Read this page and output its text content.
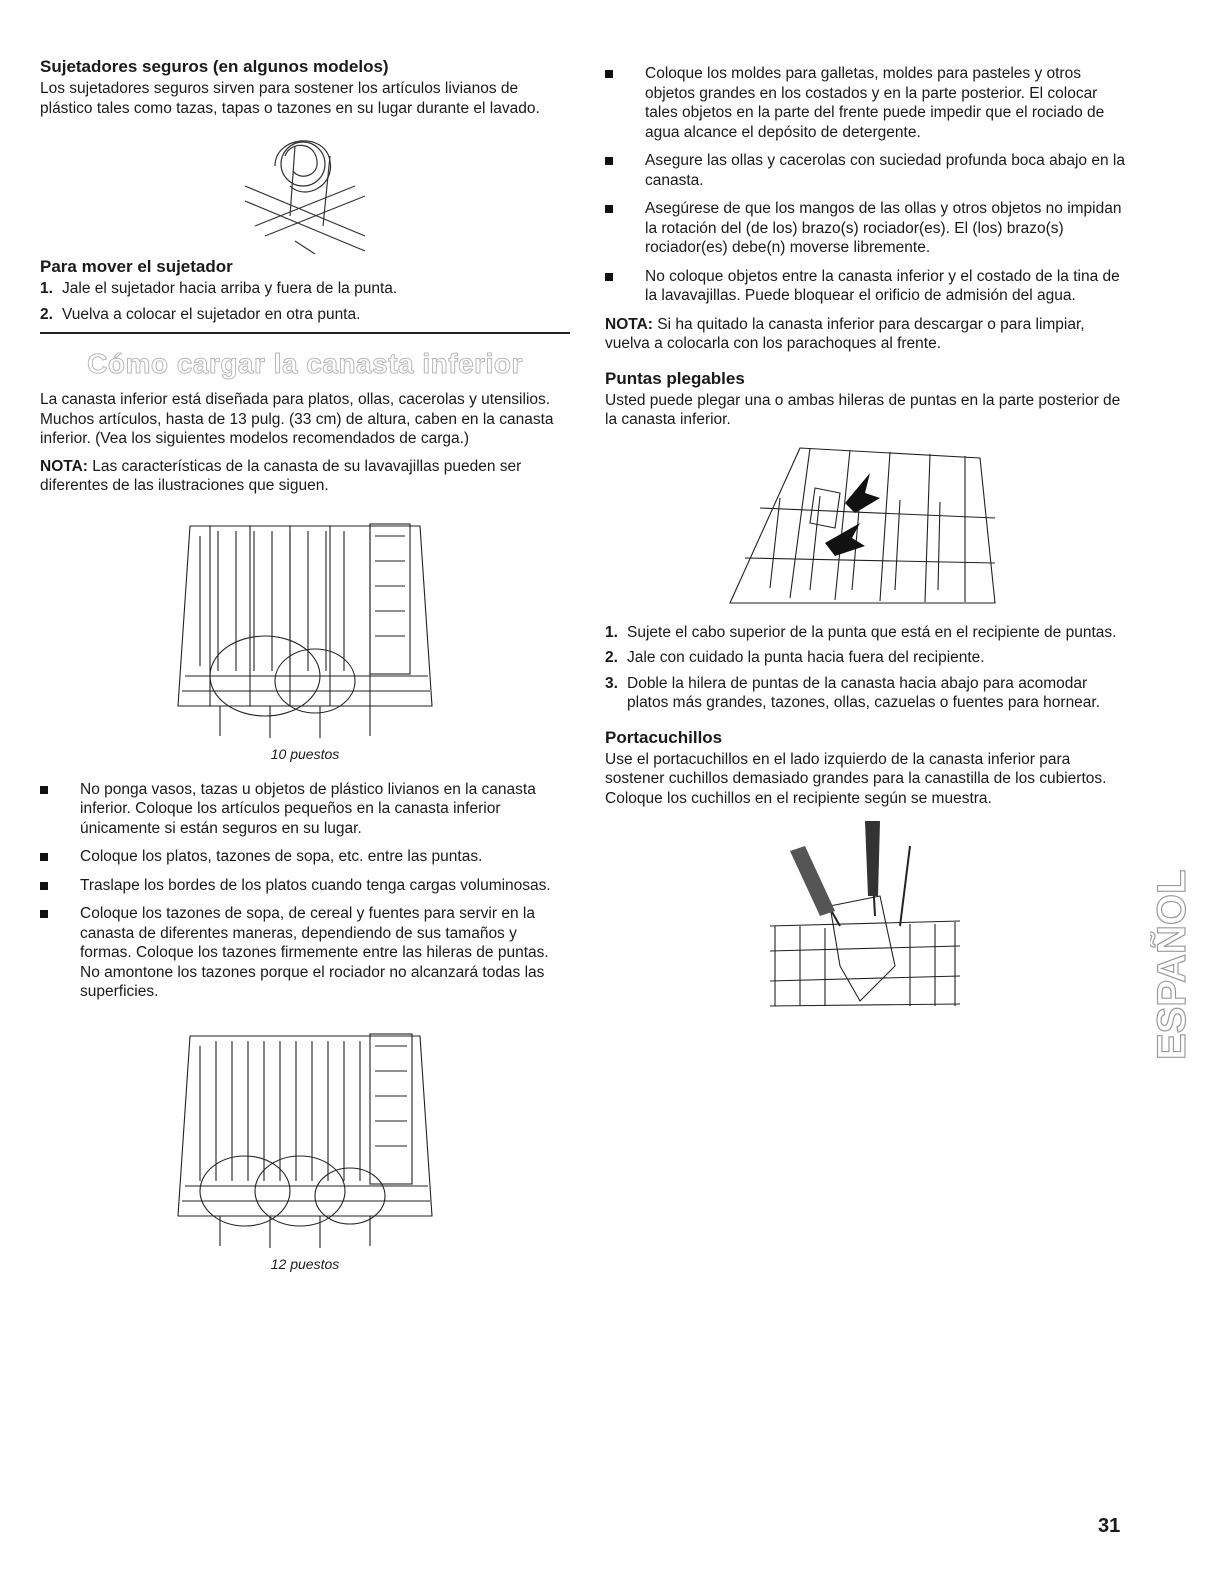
Sujetadores seguros (en algunos modelos)
Los sujetadores seguros sirven para sostener los artículos livianos de plástico tales como tazas, tapas o tazones en su lugar durante el lavado.
Para mover el sujetador
1. Jale el sujetador hacia arriba y fuera de la punta.
2. Vuelva a colocar el sujetador en otra punta.
Cómo cargar la canasta inferior
La canasta inferior está diseñada para platos, ollas, cacerolas y utensilios. Muchos artículos, hasta de 13 pulg. (33 cm) de altura, caben en la canasta inferior. (Vea los siguientes modelos recomendados de carga.)
NOTA: Las características de la canasta de su lavavajillas pueden ser diferentes de las ilustraciones que siguen.
10 puestos
No ponga vasos, tazas u objetos de plástico livianos en la canasta inferior. Coloque los artículos pequeños en la canasta inferior únicamente si están seguros en su lugar.
Coloque los platos, tazones de sopa, etc. entre las puntas.
Traslape los bordes de los platos cuando tenga cargas voluminosas.
Coloque los tazones de sopa, de cereal y fuentes para servir en la canasta de diferentes maneras, dependiendo de sus tamaños y formas. Coloque los tazones firmemente entre las hileras de puntas. No amontone los tazones porque el rociador no alcanzará todas las superficies.
12 puestos
Coloque los moldes para galletas, moldes para pasteles y otros objetos grandes en los costados y en la parte posterior. El colocar tales objetos en la parte del frente puede impedir que el rociado de agua alcance el depósito de detergente.
Asegure las ollas y cacerolas con suciedad profunda boca abajo en la canasta.
Asegúrese de que los mangos de las ollas y otros objetos no impidan la rotación del (de los) brazo(s) rociador(es). El (los) brazo(s) rociador(es) debe(n) moverse libremente.
No coloque objetos entre la canasta inferior y el costado de la tina de la lavavajillas. Puede bloquear el orificio de admisión del agua.
NOTA: Si ha quitado la canasta inferior para descargar o para limpiar, vuelva a colocarla con los parachoques al frente.
Puntas plegables
Usted puede plegar una o ambas hileras de puntas en la parte posterior de la canasta inferior.
1. Sujete el cabo superior de la punta que está en el recipiente de puntas.
2. Jale con cuidado la punta hacia fuera del recipiente.
3. Doble la hilera de puntas de la canasta hacia abajo para acomodar platos más grandes, tazones, ollas, cazuelas o fuentes para hornear.
Portacuchillos
Use el portacuchillos en el lado izquierdo de la canasta inferior para sostener cuchillos demasiado grandes para la canastilla de los cubiertos. Coloque los cuchillos en el recipiente según se muestra.
ESPAÑOL
31
